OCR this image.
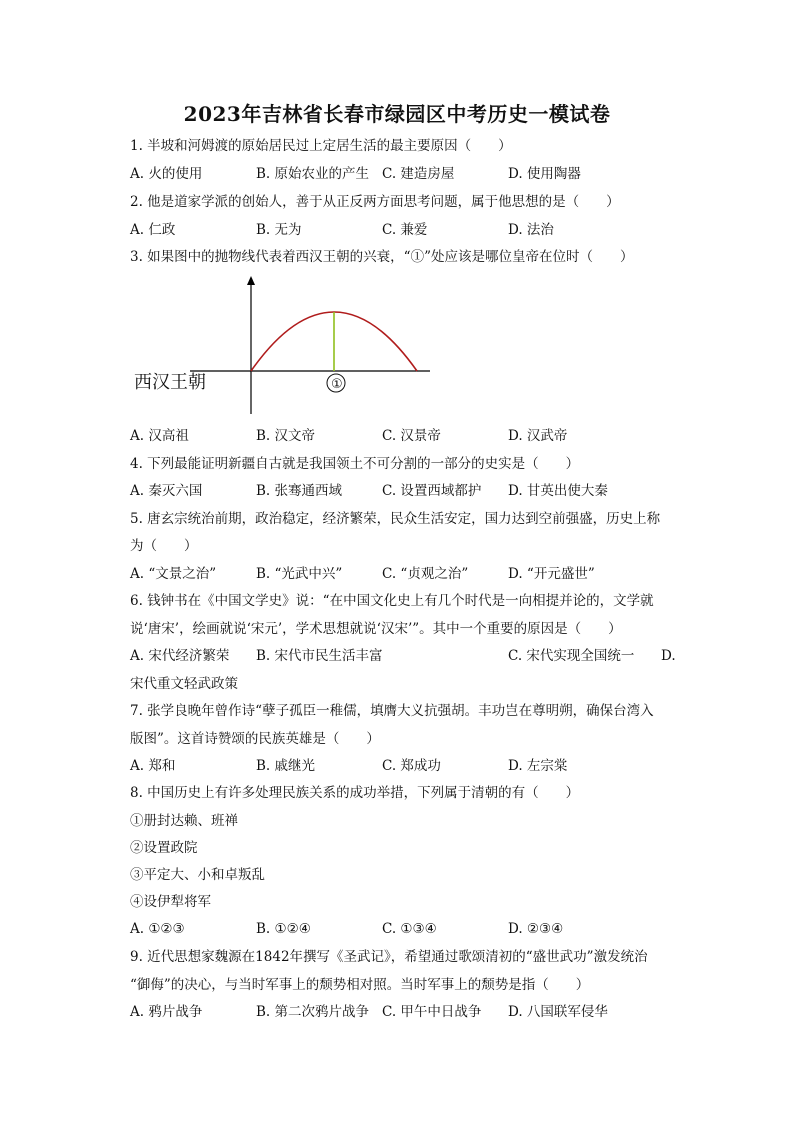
2023年吉林省长春市绿园区中考历史一模试卷
1. 半坡和河姆渡的原始居民过上定居生活的最主要原因（　　）
A. 火的使用	B. 原始农业的产生 C. 建造房屋	D. 使用陶器
2. 他是道家学派的创始人，善于从正反两方面思考问题，属于他思想的是（　　）
A. 仁政	B. 无为	C. 兼爱	D. 法治
3. 如果图中的抛物线代表着西汉王朝的兴衰，“①”处应该是哪位皇帝在位时（　　）
西汉王朝	①
A. 汉高祖	B. 汉文帝	C. 汉景帝	D. 汉武帝
4. 下列最能证明新疆自古就是我国领土不可分割的一部分的史实是（　　）
A. 秦灭六国	B. 张骞通西域	C. 设置西域都护 D. 甘英出使大秦
5. 唐玄宗统治前期，政治稳定，经济繁荣，民众生活安定，国力达到空前强盛，历史上称
为（　　）
A. “文景之治”	B. “光武中兴”	C. “贞观之治”	D. “开元盛世”
6. 钱钟书在《中国文学史》说：“在中国文化史上有几个时代是一向相提并论的，文学就
说‘唐宋’，绘画就说‘宋元’，学术思想就说‘汉宋’”。其中一个重要的原因是（　　）
A. 宋代经济繁荣 B. 宋代市民生活丰富	C. 宋代实现全国统一 D.
宋代重文轻武政策
7. 张学良晚年曾作诗“孽子孤臣一稚儒，填膺大义抗强胡。丰功岂在尊明朔，确保台湾入
版图”。这首诗赞颂的民族英雄是（　　）
A. 郑和	B. 戚继光	C. 郑成功	D. 左宗棠
8. 中国历史上有许多处理民族关系的成功举措，下列属于清朝的有（　　）
①册封达赖、班禅
②设置政院
③平定大、小和卓叛乱
④设伊犁将军
A. ①②③	B. ①②④	C. ①③④	D. ②③④
9. 近代思想家魏源在1842年撰写《圣武记》，希望通过歌颂清初的“盛世武功”激发统治
“御侮”的决心，与当时军事上的颓势相对照。当时军事上的颓势是指（　　）
A. 鸦片战争	B. 第二次鸦片战争 C. 甲午中日战争 D. 八国联军侵华
